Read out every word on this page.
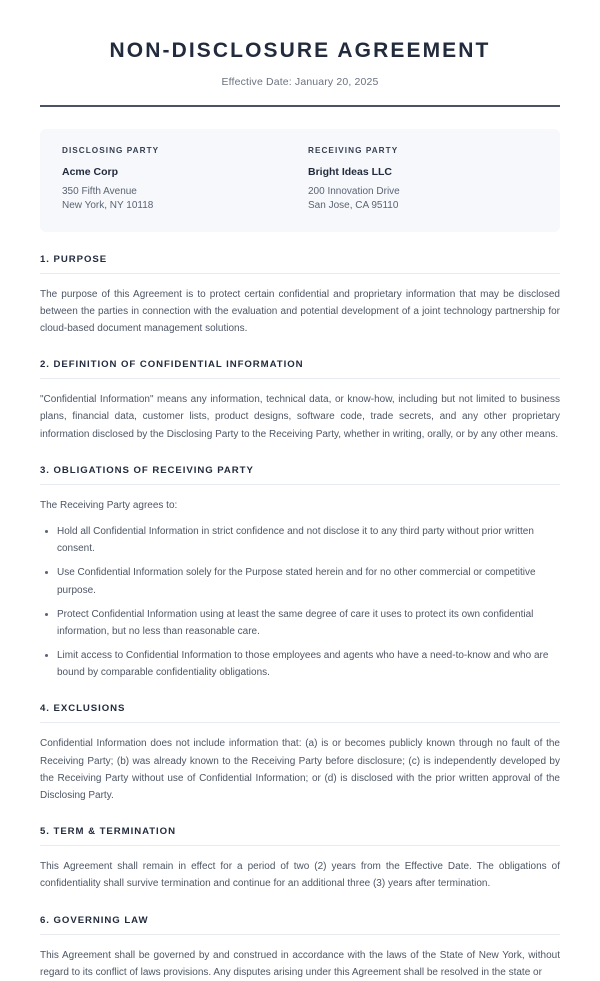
NON-DISCLOSURE AGREEMENT
Effective Date: January 20, 2025
DISCLOSING PARTY
Acme Corp
350 Fifth Avenue
New York, NY 10118
RECEIVING PARTY
Bright Ideas LLC
200 Innovation Drive
San Jose, CA 95110
1. PURPOSE

The purpose of this Agreement is to protect certain confidential and proprietary information that may be disclosed between the parties in connection with the evaluation and potential development of a joint technology partnership for cloud-based document management solutions.

2. DEFINITION OF CONFIDENTIAL INFORMATION

"Confidential Information" means any information, technical data, or know-how, including but not limited to business plans, financial data, customer lists, product designs, software code, trade secrets, and any other proprietary information disclosed by the Disclosing Party to the Receiving Party, whether in writing, orally, or by any other means.

3. OBLIGATIONS OF RECEIVING PARTY

The Receiving Party agrees to:

Hold all Confidential Information in strict confidence and not disclose it to any third party without prior written consent.
Use Confidential Information solely for the Purpose stated herein and for no other commercial or competitive purpose.
Protect Confidential Information using at least the same degree of care it uses to protect its own confidential information, but no less than reasonable care.
Limit access to Confidential Information to those employees and agents who have a need-to-know and who are bound by comparable confidentiality obligations.
4. EXCLUSIONS

Confidential Information does not include information that: (a) is or becomes publicly known through no fault of the Receiving Party; (b) was already known to the Receiving Party before disclosure; (c) is independently developed by the Receiving Party without use of Confidential Information; or (d) is disclosed with the prior written approval of the Disclosing Party.

5. TERM & TERMINATION

This Agreement shall remain in effect for a period of two (2) years from the Effective Date. The obligations of confidentiality shall survive termination and continue for an additional three (3) years after termination.

6. GOVERNING LAW

This Agreement shall be governed by and construed in accordance with the laws of the State of New York, without regard to its conflict of laws provisions. Any disputes arising under this Agreement shall be resolved in the state or
